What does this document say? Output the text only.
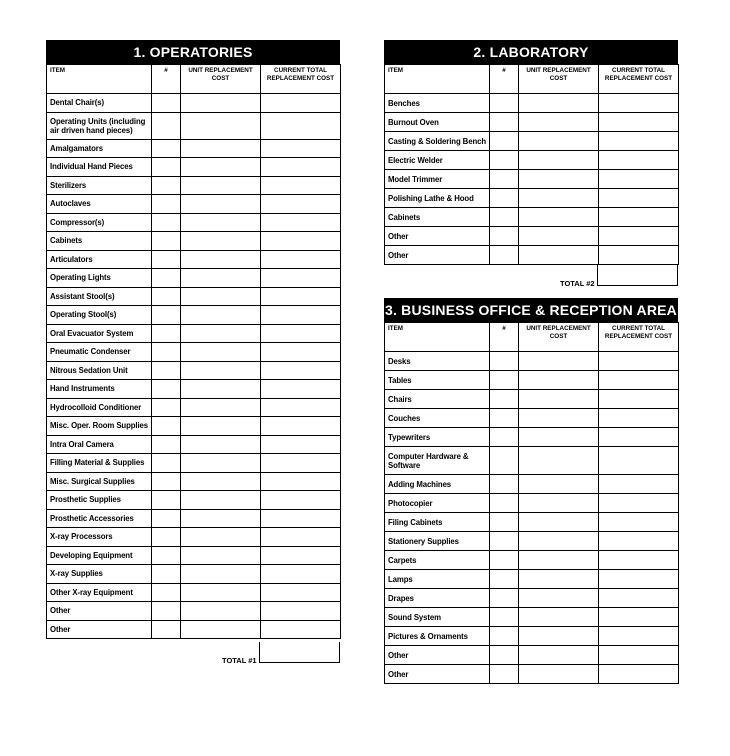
1. OPERATORIES
ITEM	#	UNIT REPLACEMENT COST	CURRENT TOTAL REPLACEMENT COST
Dental Chair(s)			
Operating Units (including air driven hand pieces)			
Amalgamators			
Individual Hand Pieces			
Sterilizers			
Autoclaves			
Compressor(s)			
Cabinets			
Articulators			
Operating Lights			
Assistant Stool(s)			
Operating Stool(s)			
Oral Evacuator System			
Pneumatic Condenser			
Nitrous Sedation Unit			
Hand Instruments			
Hydrocolloid Conditioner			
Misc. Oper. Room Supplies			
Intra Oral Camera			
Filling Material & Supplies			
Misc. Surgical Supplies			
Prosthetic Supplies			
Prosthetic Accessories			
X-ray Processors			
Developing Equipment			
X-ray Supplies			
Other X-ray Equipment			
Other			
Other			
TOTAL #1
2. LABORATORY
ITEM	#	UNIT REPLACEMENT COST	CURRENT TOTAL REPLACEMENT COST
Benches			
Burnout Oven			
Casting & Soldering Bench			
Electric Welder			
Model Trimmer			
Polishing Lathe & Hood			
Cabinets			
Other			
Other			
TOTAL #2
3. BUSINESS OFFICE & RECEPTION AREA
ITEM	#	UNIT REPLACEMENT COST	CURRENT TOTAL REPLACEMENT COST
Desks			
Tables			
Chairs			
Couches			
Typewriters			
Computer Hardware & Software			
Adding Machines			
Photocopier			
Filing Cabinets			
Stationery Supplies			
Carpets			
Lamps			
Drapes			
Sound System			
Pictures & Ornaments			
Other			
Other			
